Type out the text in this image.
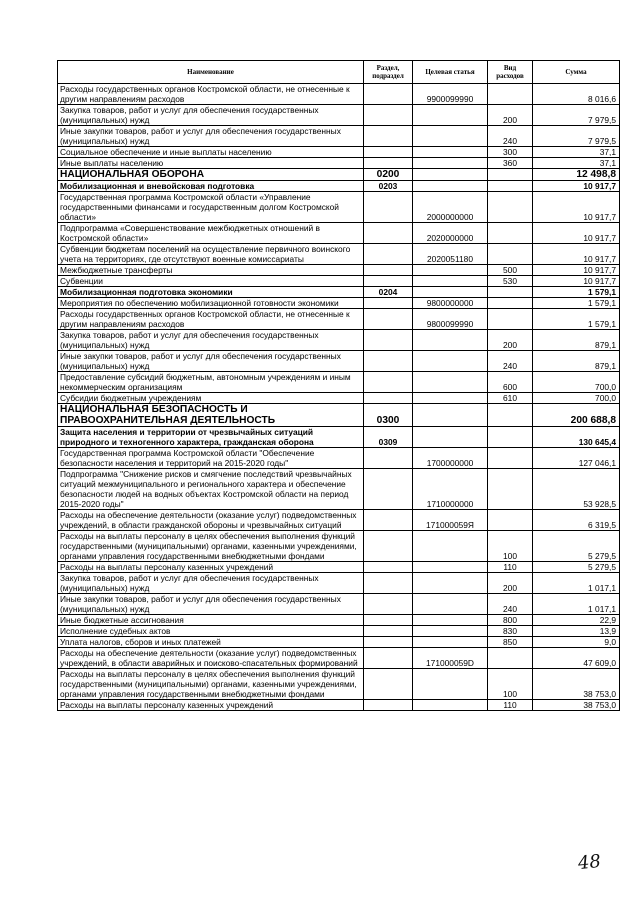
Наименование	Раздел, подраздел	Целевая статья	Вид расходов	Сумма
Расходы государственных органов Костромской области, не отнесенные к другим направлениям расходов		9900099990		8 016,6
Закупка товаров, работ и услуг для обеспечения государственных (муниципальных) нужд			200	7 979,5
Иные закупки товаров, работ и услуг для обеспечения государственных (муниципальных) нужд			240	7 979,5
Социальное обеспечение и иные выплаты населению			300	37,1
Иные выплаты населению			360	37,1
НАЦИОНАЛЬНАЯ ОБОРОНА	0200			12 498,8
Мобилизационная и вневойсковая подготовка	0203			10 917,7
Государственная программа Костромской области «Управление государственными финансами и государственным долгом Костромской области»		2000000000		10 917,7
Подпрограмма «Совершенствование межбюджетных отношений в Костромской области»		2020000000		10 917,7
Субвенции бюджетам поселений на осуществление первичного воинского учета на территориях, где отсутствуют военные комиссариаты		2020051180		10 917,7
Межбюджетные трансферты			500	10 917,7
Субвенции			530	10 917,7
Мобилизационная подготовка экономики	0204			1 579,1
Мероприятия по обеспечению мобилизационной готовности экономики		9800000000		1 579,1
Расходы государственных органов Костромской области, не отнесенные к другим направлениям расходов		9800099990		1 579,1
Закупка товаров, работ и услуг для обеспечения государственных (муниципальных) нужд			200	879,1
Иные закупки товаров, работ и услуг для обеспечения государственных (муниципальных) нужд			240	879,1
Предоставление субсидий бюджетным, автономным учреждениям и иным некоммерческим организациям			600	700,0
Субсидии бюджетным учреждениям			610	700,0
НАЦИОНАЛЬНАЯ БЕЗОПАСНОСТЬ И ПРАВООХРАНИТЕЛЬНАЯ ДЕЯТЕЛЬНОСТЬ	0300			200 688,8
Защита населения и территории от чрезвычайных ситуаций природного и техногенного характера, гражданская оборона	0309			130 645,4
Государственная программа Костромской области "Обеспечение безопасности населения и территорий на 2015-2020 годы"		1700000000		127 046,1
Подпрограмма "Снижение рисков и смягчение последствий чрезвычайных ситуаций межмуниципального и регионального характера и обеспечение безопасности людей на водных объектах Костромской области на период 2015-2020 годы"		1710000000		53 928,5
Расходы на обеспечение деятельности (оказание услуг) подведомственных учреждений, в области гражданской обороны и чрезвычайных ситуаций		171000059Я		6 319,5
Расходы на выплаты персоналу в целях обеспечения выполнения функций государственными (муниципальными) органами, казенными учреждениями, органами управления государственными внебюджетными фондами			100	5 279,5
Расходы на выплаты персоналу казенных учреждений			110	5 279,5
Закупка товаров, работ и услуг для обеспечения государственных (муниципальных) нужд			200	1 017,1
Иные закупки товаров, работ и услуг для обеспечения государственных (муниципальных) нужд			240	1 017,1
Иные бюджетные ассигнования			800	22,9
Исполнение судебных актов			830	13,9
Уплата налогов, сборов и иных платежей			850	9,0
Расходы на обеспечение деятельности (оказание услуг) подведомственных учреждений, в области аварийных и поисково-спасательных формирований		171000059D		47 609,0
Расходы на выплаты персоналу в целях обеспечения выполнения функций государственными (муниципальными) органами, казенными учреждениями, органами управления государственными внебюджетными фондами			100	38 753,0
Расходы на выплаты персоналу казенных учреждений			110	38 753,0
48
